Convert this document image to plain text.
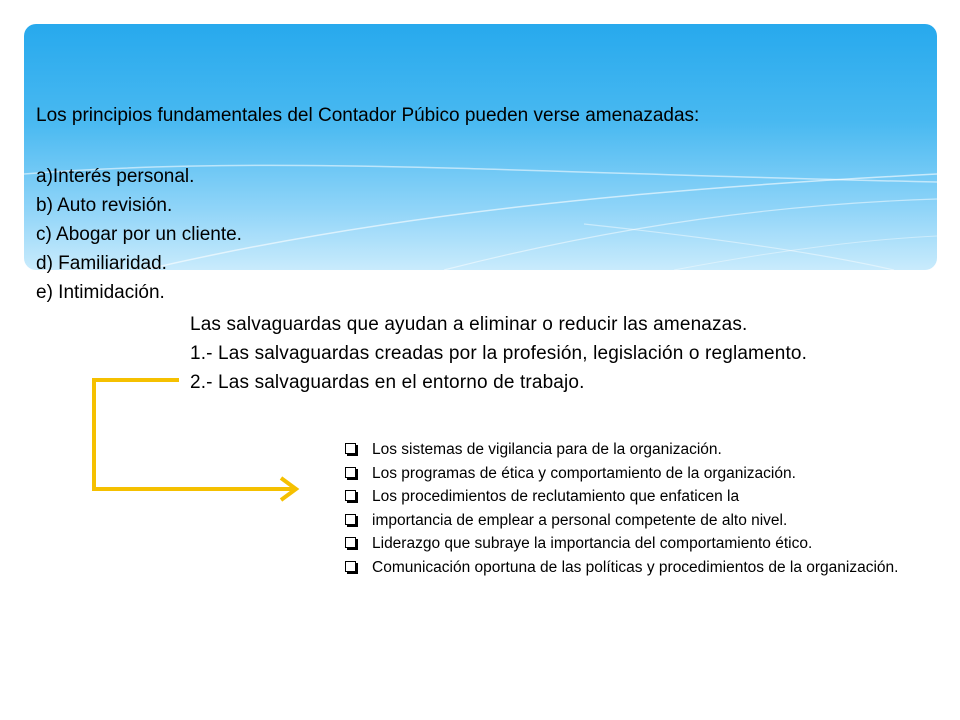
Los principios fundamentales del Contador Púbico pueden verse amenazadas:
a)Interés personal.
b) Auto revisión.
c) Abogar por un cliente.
d) Familiaridad.
e) Intimidación.
Las salvaguardas que ayudan a eliminar o reducir las amenazas.
1.- Las salvaguardas creadas por la profesión, legislación o reglamento.
2.- Las salvaguardas en el entorno de trabajo.
Los sistemas de vigilancia para de la organización.
Los programas de ética y comportamiento de la organización.
Los procedimientos de reclutamiento que enfaticen la
importancia de emplear a personal competente de alto nivel.
Liderazgo que subraye la importancia del comportamiento ético.
Comunicación oportuna de las políticas y procedimientos de la organización.
